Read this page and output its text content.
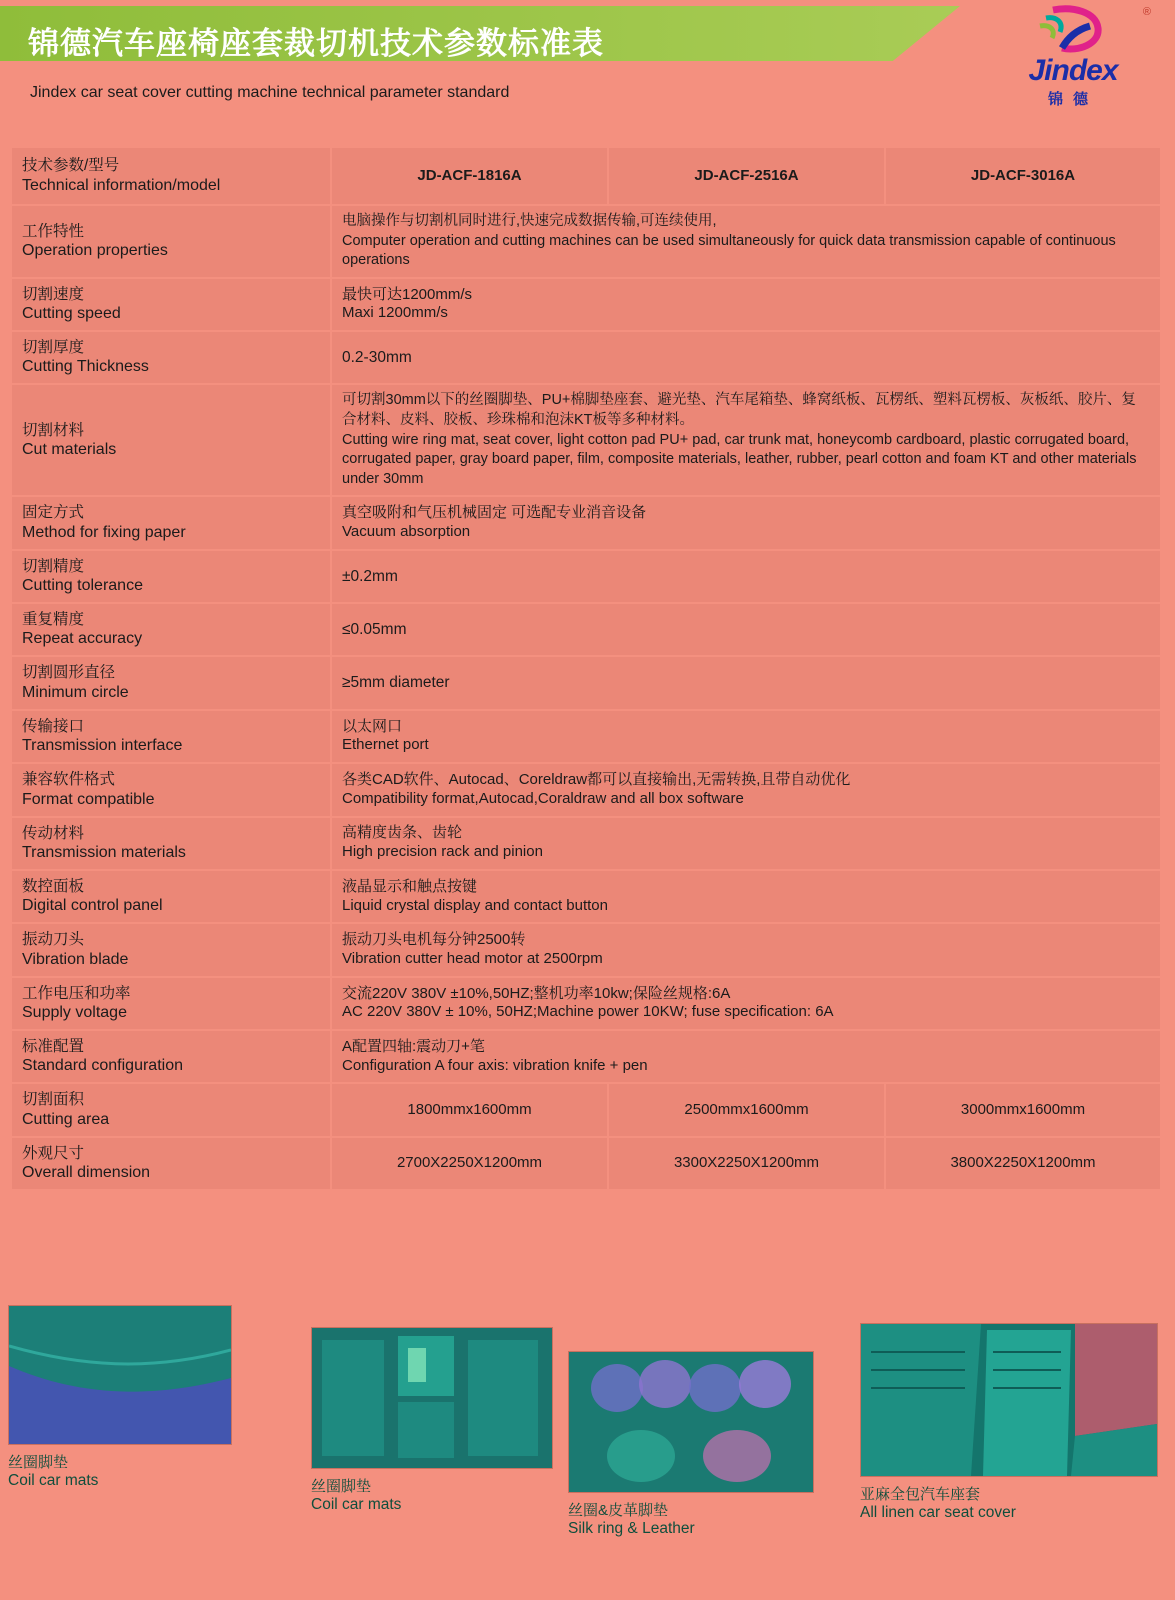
锦德汽车座椅座套裁切机技术参数标准表
Jindex car seat cover cutting machine technical parameter standard
®
Jindex
锦德
技术参数/型号
Technical information/model	JD-ACF-1816A	JD-ACF-2516A	JD-ACF-3016A

工作特性
Operation properties	电脑操作与切割机同时进行,快速完成数据传输,可连续使用,
Computer operation and cutting machines can be used simultaneously for quick data transmission capable of continuous operations		

切割速度
Cutting speed	最快可达1200mm/s
Maxi 1200mm/s		

切割厚度
Cutting Thickness	0.2-30mm		

切割材料
Cut materials	可切割30mm以下的丝圈脚垫、PU+棉脚垫座套、避光垫、汽车尾箱垫、蜂窝纸板、瓦楞纸、塑料瓦楞板、灰板纸、胶片、复合材料、皮料、胶板、珍珠棉和泡沫KT板等多种材料。
Cutting wire ring mat, seat cover, light cotton pad PU+ pad, car trunk mat, honeycomb cardboard, plastic corrugated board, corrugated paper, gray board paper, film, composite materials, leather, rubber, pearl cotton and foam KT and other materials under 30mm		

固定方式
Method for fixing paper	真空吸附和气压机械固定 可选配专业消音设备
Vacuum absorption		

切割精度
Cutting tolerance	±0.2mm		

重复精度
Repeat accuracy	≤0.05mm		

切割圆形直径
Minimum circle	≥5mm diameter		

传输接口
Transmission interface	以太网口
Ethernet port		

兼容软件格式
Format compatible	各类CAD软件、Autocad、Coreldraw都可以直接输出,无需转换,且带自动优化
Compatibility format,Autocad,Coraldraw and all box software		

传动材料
Transmission materials	高精度齿条、齿轮
High precision rack and pinion		

数控面板
Digital control panel	液晶显示和触点按键
Liquid crystal display and contact button		

振动刀头
Vibration blade	振动刀头电机每分钟2500转
Vibration cutter head motor at 2500rpm		

工作电压和功率
Supply voltage	交流220V 380V ±10%,50HZ;整机功率10kw;保险丝规格:6A
AC 220V 380V ± 10%, 50HZ;Machine power 10KW; fuse specification: 6A		

标准配置
Standard configuration	A配置四轴:震动刀+笔
Configuration A four axis: vibration knife + pen		

切割面积
Cutting area	1800mmx1600mm	2500mmx1600mm	3000mmx1600mm

外观尺寸
Overall dimension	2700X2250X1200mm	3300X2250X1200mm	3800X2250X1200mm
丝圈脚垫
Coil car mats	丝圈脚垫
Coil car mats	丝圈&皮革脚垫
Silk ring & Leather
亚麻全包汽车座套
All linen car seat cover
